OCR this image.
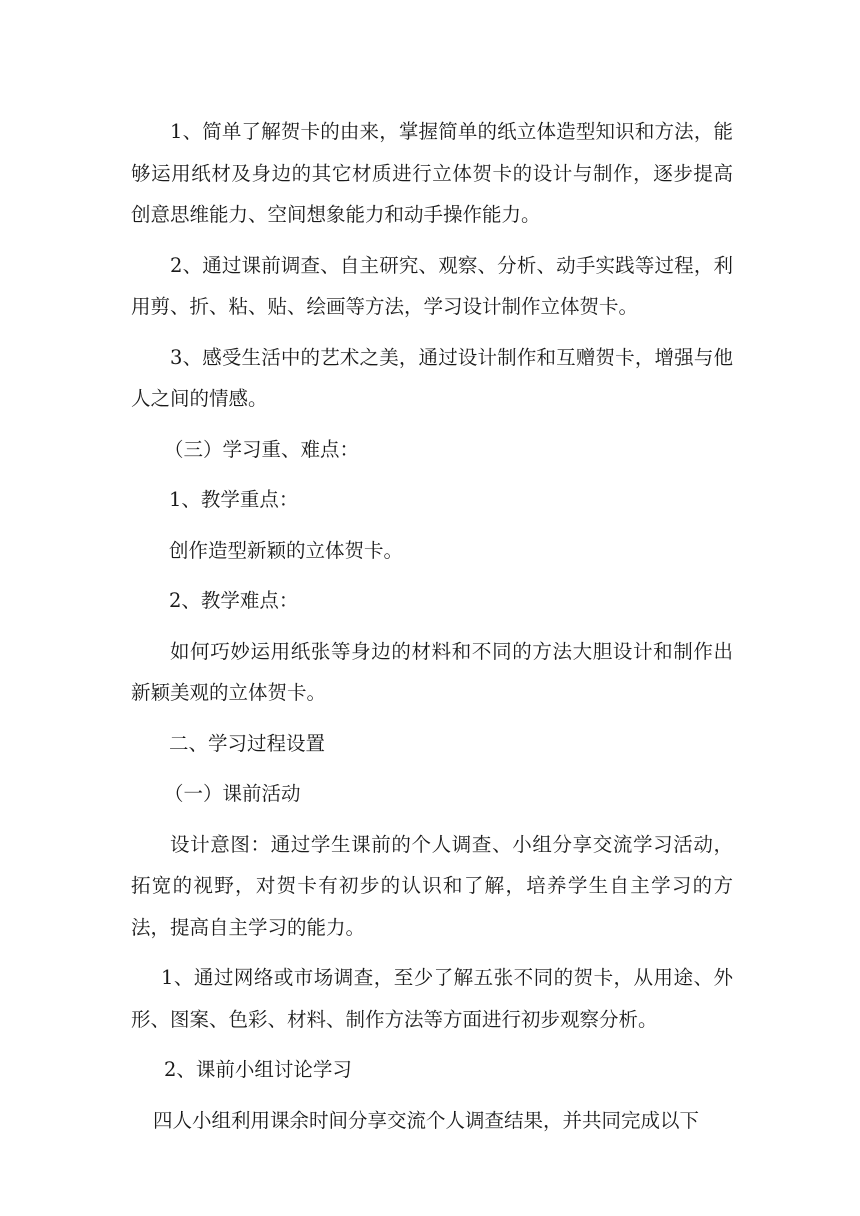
1、简单了解贺卡的由来，掌握简单的纸立体造型知识和方法，能够运用纸材及身边的其它材质进行立体贺卡的设计与制作，逐步提高创意思维能力、空间想象能力和动手操作能力。

2、通过课前调查、自主研究、观察、分析、动手实践等过程，利用剪、折、粘、贴、绘画等方法，学习设计制作立体贺卡。

3、感受生活中的艺术之美，通过设计制作和互赠贺卡，增强与他人之间的情感。

（三）学习重、难点：

1、教学重点：

创作造型新颖的立体贺卡。

2、教学难点：

如何巧妙运用纸张等身边的材料和不同的方法大胆设计和制作出新颖美观的立体贺卡。

二、学习过程设置

（一）课前活动

设计意图：通过学生课前的个人调查、小组分享交流学习活动，拓宽的视野，对贺卡有初步的认识和了解，培养学生自主学习的方法，提高自主学习的能力。

1、通过网络或市场调查，至少了解五张不同的贺卡，从用途、外形、图案、色彩、材料、制作方法等方面进行初步观察分析。

2、课前小组讨论学习

四人小组利用课余时间分享交流个人调查结果，并共同完成以下
